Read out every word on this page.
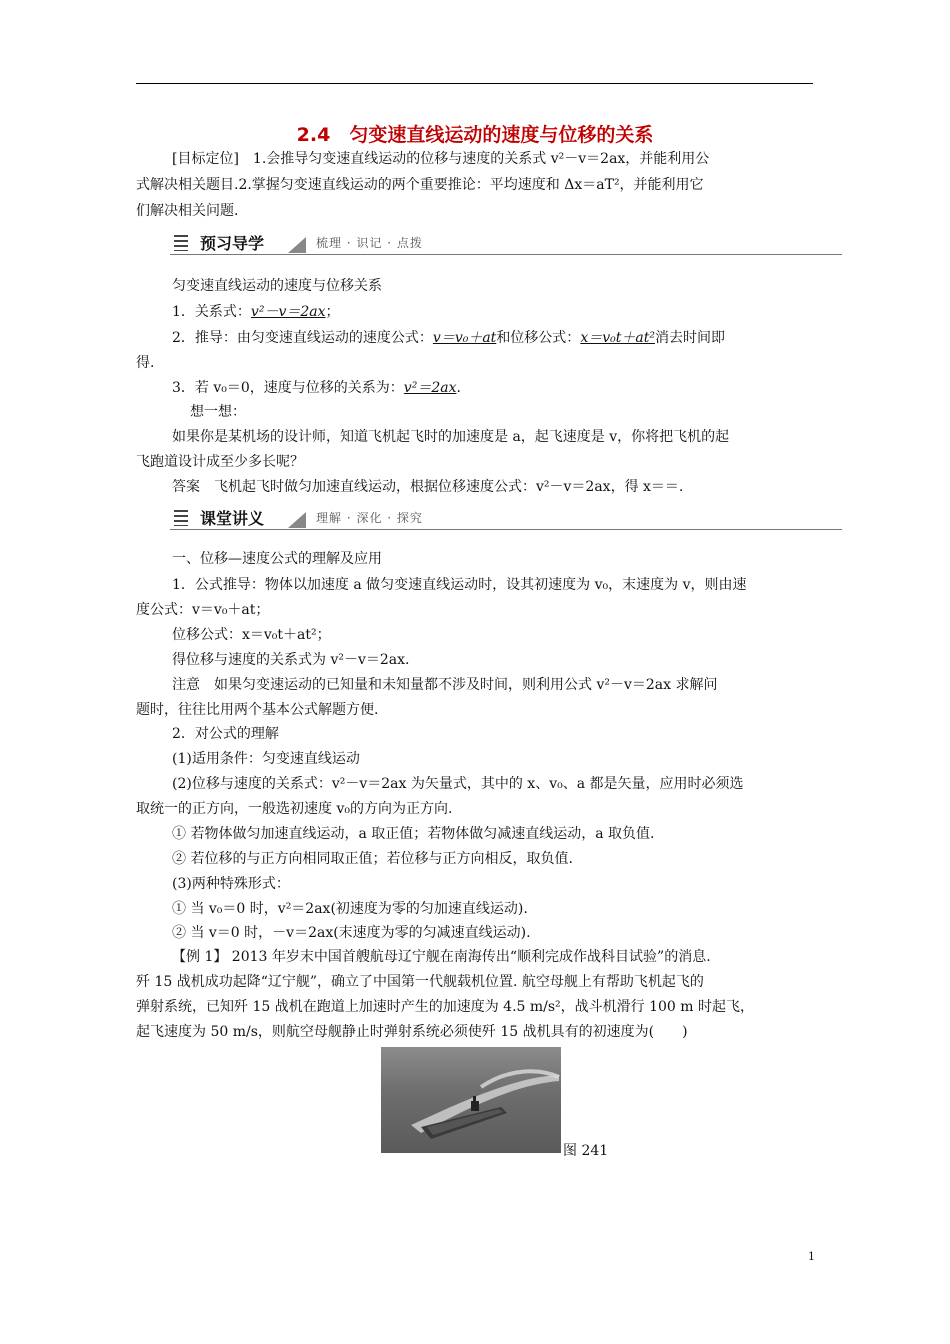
2.4　匀变速直线运动的速度与位移的关系
[目标定位]　1.会推导匀变速直线运动的位移与速度的关系式 v²－v＝2ax，并能利用公
式解决相关题目.2.掌握匀变速直线运动的两个重要推论：平均速度和 Δx＝aT²，并能利用它
们解决相关问题.
预习导学	梳理 · 识记 · 点拨
匀变速直线运动的速度与位移关系
1．关系式：v²－v＝2ax；
2．推导：由匀变速直线运动的速度公式：v＝v₀＋at和位移公式：x＝v₀t＋at²消去时间即
得.
3．若 v₀＝0，速度与位移的关系为：v²＝2ax.
想一想：
如果你是某机场的设计师，知道飞机起飞时的加速度是 a，起飞速度是 v，你将把飞机的起
飞跑道设计成至少多长呢？
答案　飞机起飞时做匀加速直线运动，根据位移速度公式：v²－v＝2ax，得 x＝＝.
课堂讲义	理解 · 深化 · 探究
一、位移—速度公式的理解及应用
1．公式推导：物体以加速度 a 做匀变速直线运动时，设其初速度为 v₀，末速度为 v，则由速
度公式：v＝v₀＋at；
位移公式：x＝v₀t＋at²；
得位移与速度的关系式为 v²－v＝2ax.
注意　如果匀变速运动的已知量和未知量都不涉及时间，则利用公式 v²－v＝2ax 求解问
题时，往往比用两个基本公式解题方便.
2．对公式的理解
(1)适用条件：匀变速直线运动
(2)位移与速度的关系式：v²－v＝2ax 为矢量式，其中的 x、v₀、a 都是矢量，应用时必须选
取统一的正方向，一般选初速度 v₀的方向为正方向.
① 若物体做匀加速直线运动，a 取正值；若物体做匀减速直线运动，a 取负值.
② 若位移的与正方向相同取正值；若位移与正方向相反，取负值.
(3)两种特殊形式：
① 当 v₀＝0 时，v²＝2ax(初速度为零的匀加速直线运动).
② 当 v＝0 时，－v＝2ax(末速度为零的匀减速直线运动).
【例 1】 2013 年岁末中国首艘航母辽宁舰在南海传出“顺利完成作战科目试验”的消息.
歼 15 战机成功起降“辽宁舰”，确立了中国第一代舰载机位置. 航空母舰上有帮助飞机起飞的
弹射系统，已知歼 15 战机在跑道上加速时产生的加速度为 4.5 m/s²，战斗机滑行 100 m 时起飞，
起飞速度为 50 m/s，则航空母舰静止时弹射系统必须使歼 15 战机具有的初速度为(　　)
图 241
1
